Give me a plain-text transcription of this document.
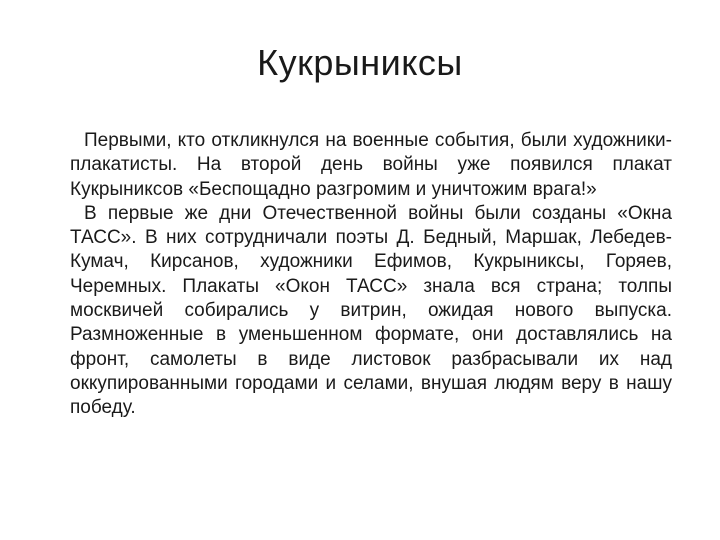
Кукрыниксы

Первыми, кто откликнулся на военные события, были художники-плакатисты. На второй день войны уже появился плакат Кукрыниксов «Беспощадно разгромим и уничтожим врага!»

В первые же дни Отечественной войны были созданы «Окна ТАСС». В них сотрудничали поэты Д. Бедный, Маршак, Лебедев-Кумач, Кирсанов, художники Ефимов, Кукрыниксы, Горяев, Черемных. Плакаты «Окон ТАСС» знала вся страна; толпы москвичей собирались у витрин, ожидая нового выпуска. Размноженные в уменьшенном формате, они доставлялись на фронт, самолеты в виде листовок разбрасывали их над оккупированными городами и селами, внушая людям веру в нашу победу.
